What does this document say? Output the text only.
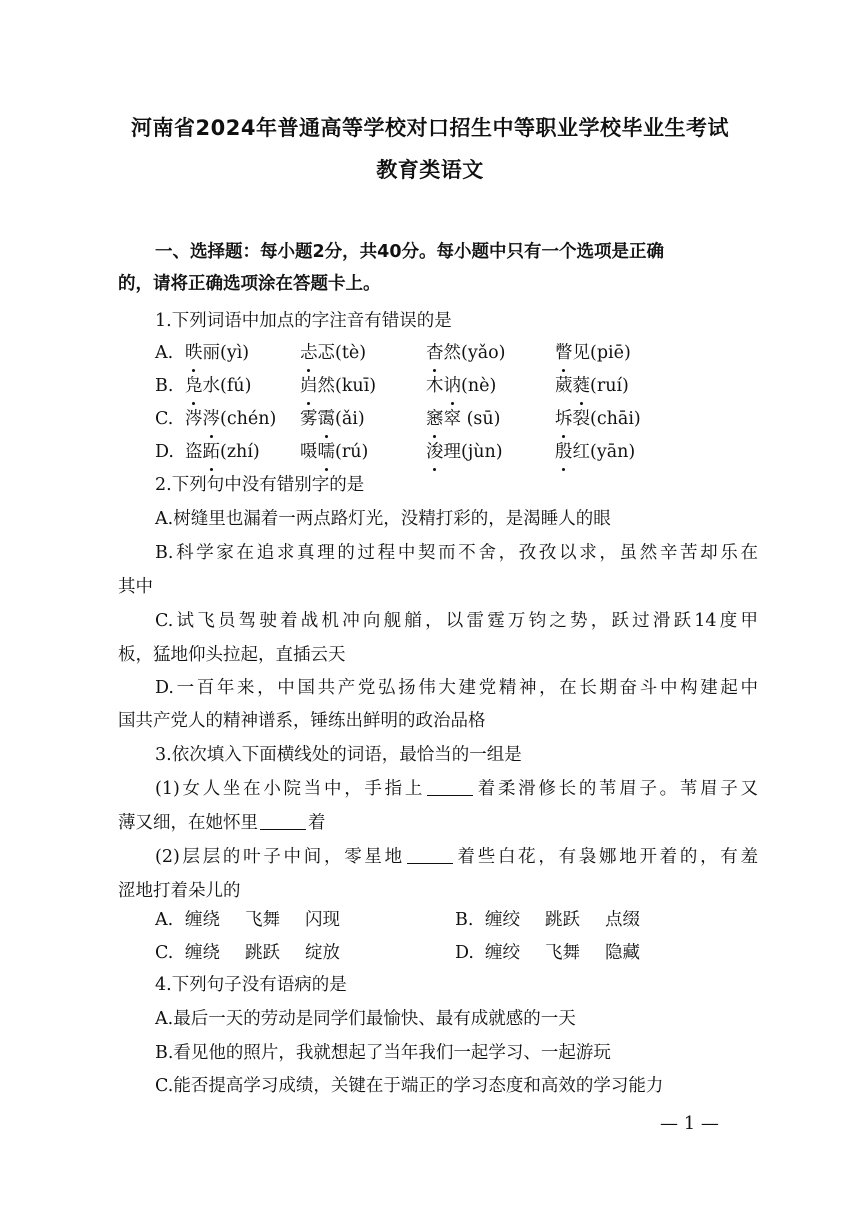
河南省2024年普通高等学校对口招生中等职业学校毕业生考试
教育类语文
一、选择题：每小题2分，共40分。每小题中只有一个选项是正确
的，请将正确选项涂在答题卡上。
1.下列词语中加点的字注音有错误的是
A. 昳丽(yì)	忐忑(tè)	杳然(yǎo)	瞥见(piē)
B. 凫水(fú)	岿然(kuī)	木讷(nè)	葳蕤(ruí)
C. 涔涔(chén) 雾霭(ǎi)	窸窣 (sū)	坼裂(chāi)
D. 盗跖(zhí) 嗫嚅(rú)	浚理(jùn)	殷红(yān)
2.下列句中没有错别字的是
A.树缝里也漏着一两点路灯光，没精打彩的，是渴睡人的眼
B.科学家在追求真理的过程中契而不舍，孜孜以求，虽然辛苦却乐在
其中
C.试飞员驾驶着战机冲向舰艏，以雷霆万钧之势，跃过滑跃14度甲
板，猛地仰头拉起，直插云天
D.一百年来，中国共产党弘扬伟大建党精神，在长期奋斗中构建起中
国共产党人的精神谱系，锤练出鲜明的政治品格
3.依次填入下面横线处的词语，最恰当的一组是
(1)女人坐在小院当中，手指上	着柔滑修长的苇眉子。苇眉子又
薄又细，在她怀里	着
(2)层层的叶子中间，零星地	着些白花，有袅娜地开着的，有羞
涩地打着朵儿的
A. 缠绕 飞舞 闪现	B. 缠绞 跳跃 点缀
C. 缠绕 跳跃 绽放	D. 缠绞 飞舞 隐藏
4.下列句子没有语病的是
A.最后一天的劳动是同学们最愉快、最有成就感的一天
B.看见他的照片，我就想起了当年我们一起学习、一起游玩
C.能否提高学习成绩，关键在于端正的学习态度和高效的学习能力
— 1 —
